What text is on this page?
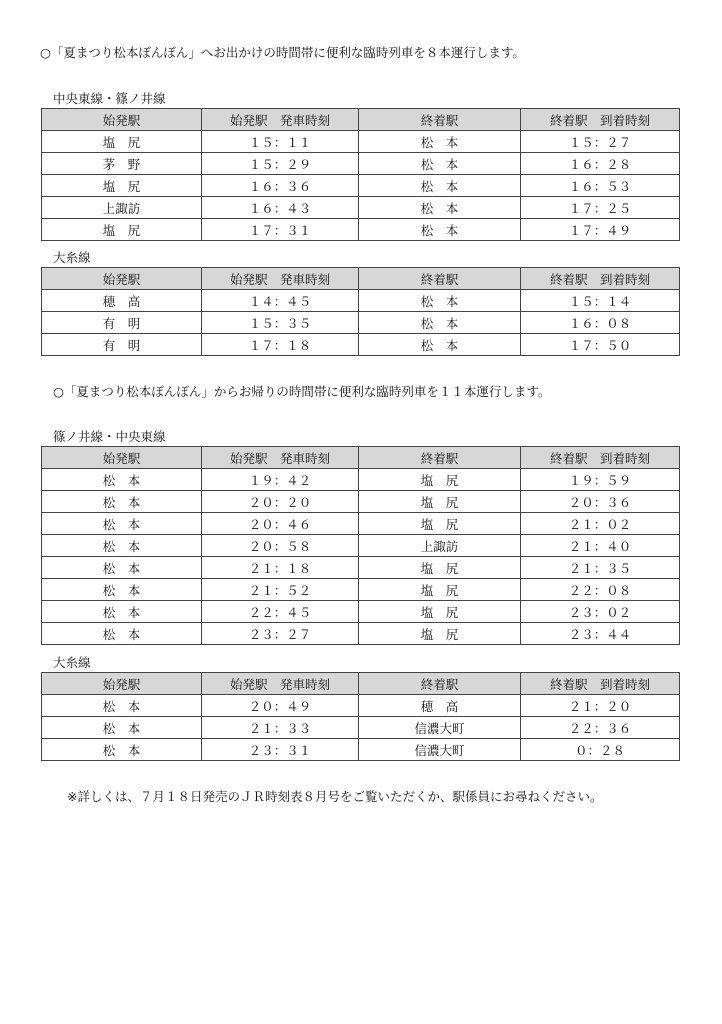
○「夏まつり松本ぼんぼん」へお出かけの時間帯に便利な臨時列車を８本運行します。
中央東線・篠ノ井線
始発駅	始発駅　発車時刻	終着駅	終着駅　到着時刻
塩　尻	１５：１１	松　本	１５：２７
茅　野	１５：２９	松　本	１６：２８
塩　尻	１６：３６	松　本	１６：５３
上諏訪	１６：４３	松　本	１７：２５
塩　尻	１７：３１	松　本	１７：４９
大糸線
始発駅	始発駅　発車時刻	終着駅	終着駅　到着時刻
穂　高	１４：４５	松　本	１５：１４
有　明	１５：３５	松　本	１６：０８
有　明	１７：１８	松　本	１７：５０
○「夏まつり松本ぼんぼん」からお帰りの時間帯に便利な臨時列車を１１本運行します。
篠ノ井線・中央東線
始発駅	始発駅　発車時刻	終着駅	終着駅　到着時刻
松　本	１９：４２	塩　尻	１９：５９
松　本	２０：２０	塩　尻	２０：３６
松　本	２０：４６	塩　尻	２１：０２
松　本	２０：５８	上諏訪	２１：４０
松　本	２１：１８	塩　尻	２１：３５
松　本	２１：５２	塩　尻	２２：０８
松　本	２２：４５	塩　尻	２３：０２
松　本	２３：２７	塩　尻	２３：４４
大糸線
始発駅	始発駅　発車時刻	終着駅	終着駅　到着時刻
松　本	２０：４９	穂　高	２１：２０
松　本	２１：３３	信濃大町	２２：３６
松　本	２３：３１	信濃大町	０：２８
※詳しくは、７月１８日発売のＪＲ時刻表８月号をご覧いただくか、駅係員にお尋ねください。
